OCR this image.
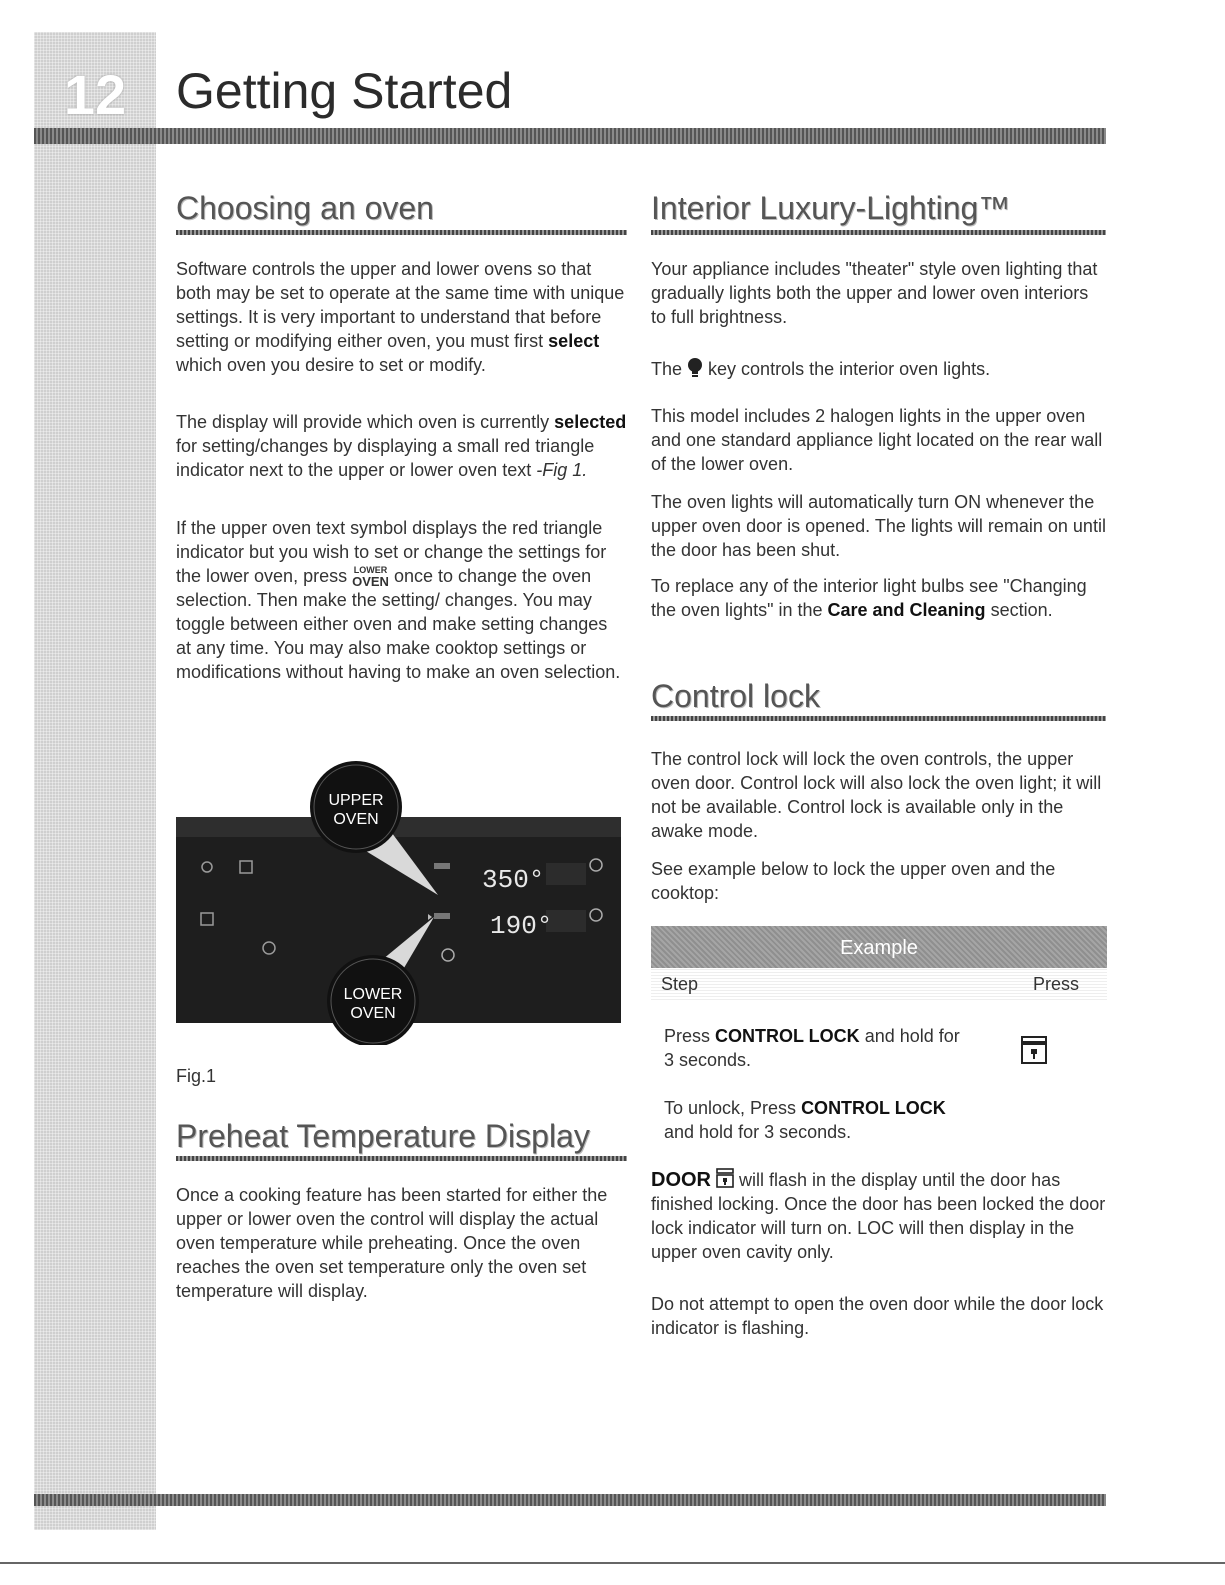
12 Getting Started
Choosing an oven

Software controls the upper and lower ovens so that both may be set to operate at the same time with unique settings. It is very important to understand that before setting or modifying either oven, you must first select which oven you desire to set or modify.

The display will provide which oven is currently selected for setting/changes by displaying a small red triangle indicator next to the upper or lower oven text -Fig 1.

If the upper oven text symbol displays the red triangle indicator but you wish to set or change the settings for the lower oven, press LOWER
OVEN once to change the oven selection. Then make the setting/ changes. You may toggle between either oven and make setting changes at any time. You may also make cooktop settings or modifications without having to make an oven selection.

350°
190°
UPPER
OVEN
LOWER
OVEN
Fig.1
Preheat Temperature Display

Once a cooking feature has been started for either the upper or lower oven the control will display the actual oven temperature while preheating. Once the oven reaches the oven set temperature only the oven set temperature will display.

Interior Luxury-Lighting™

Your appliance includes "theater" style oven lighting that gradually lights both the upper and lower oven interiors to full brightness.

The  key controls the interior oven lights.

This model includes 2 halogen lights in the upper oven and one standard appliance light located on the rear wall of the lower oven.

The oven lights will automatically turn ON whenever the upper oven door is opened. The lights will remain on until the door has been shut.

To replace any of the interior light bulbs see "Changing the oven lights" in the Care and Cleaning section.

Control lock

The control lock will lock the oven controls, the upper oven door. Control lock will also lock the oven light; it will not be available. Control lock is available only in the awake mode.

See example below to lock the upper oven and the cooktop:

Example
Step	Press

Press CONTROL LOCK and hold for 3 seconds.

To unlock, Press CONTROL LOCK and hold for 3 seconds.

DOOR  will flash in the display until the door has finished locking. Once the door has been locked the door lock indicator will turn on. LOC will then display in the upper oven cavity only.

Do not attempt to open the oven door while the door lock indicator is flashing.
